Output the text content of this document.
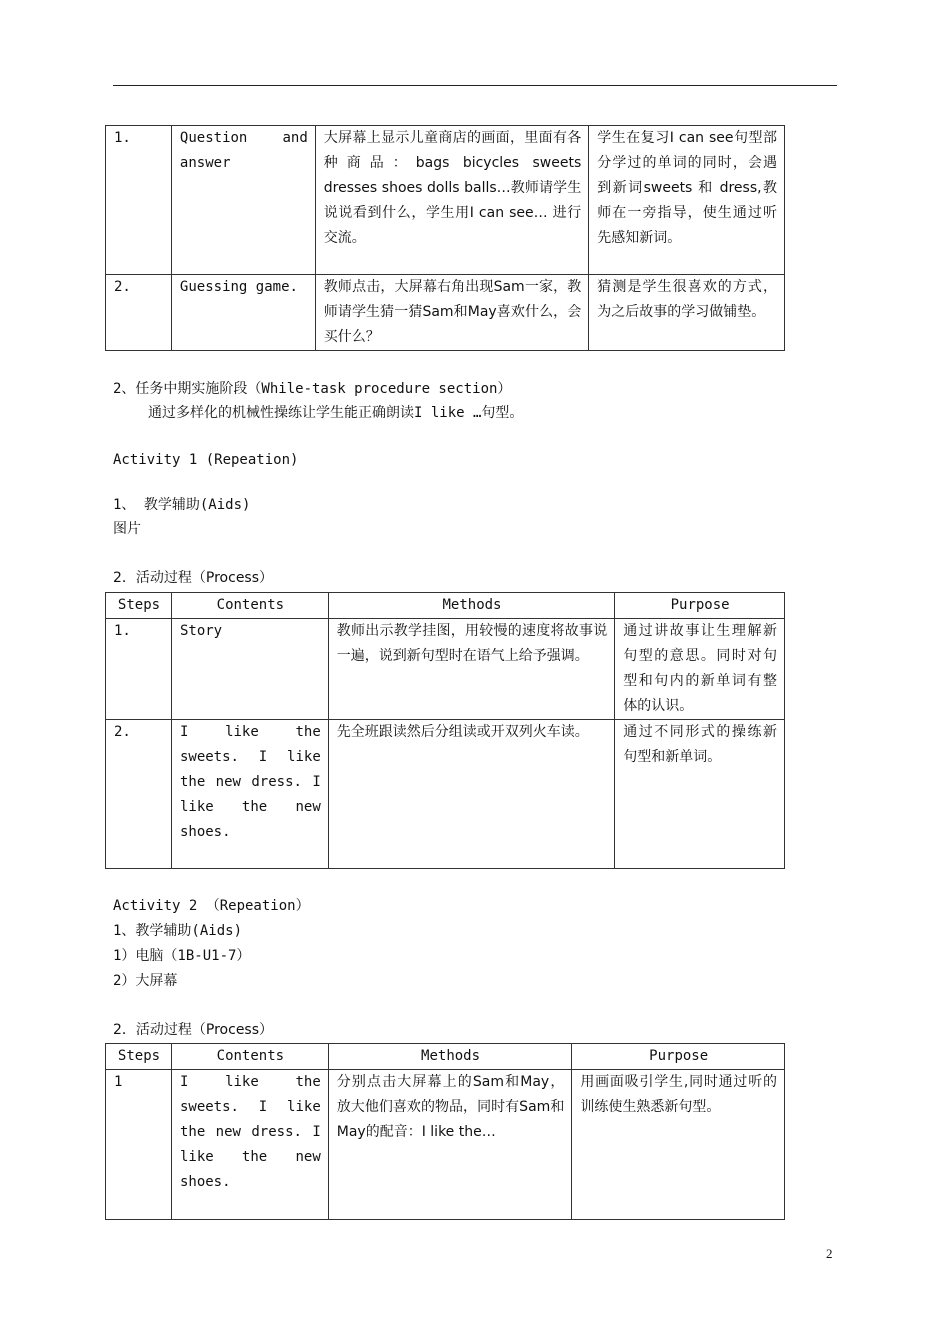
1.	Question and answer	大屏幕上显示儿童商店的画面，里面有各种商品：bags bicycles sweets dresses shoes dolls balls…教师请学生说说看到什么，学生用I can see… 进行交流。	学生在复习I can see句型部分学过的单词的同时，会遇到新词sweets 和 dress,教师在一旁指导，使生通过听先感知新词。
2.	Guessing game.	教师点击，大屏幕右角出现Sam一家，教师请学生猜一猜Sam和May喜欢什么，会买什么？	猜测是学生很喜欢的方式，为之后故事的学习做铺垫。
2、任务中期实施阶段（While-task procedure section）
通过多样化的机械性操练让学生能正确朗读I like …句型。
Activity 1 (Repeation)
1、 教学辅助(Aids)
图片
2．活动过程（Process）
Steps	Contents	Methods	Purpose
1.	Story	教师出示教学挂图，用较慢的速度将故事说一遍，说到新句型时在语气上给予强调。	通过讲故事让生理解新句型的意思。同时对句型和句内的新单词有整体的认识。
2.	I like the sweets. I like the new dress. I like the new shoes.	先全班跟读然后分组读或开双列火车读。	通过不同形式的操练新句型和新单词。
Activity 2 （Repeation）
1、教学辅助(Aids)
1）电脑（1B-U1-7）
2）大屏幕
2．活动过程（Process）
Steps	Contents	Methods	Purpose
1	I like the sweets. I like the new dress. I like the new shoes.	分别点击大屏幕上的Sam和May，放大他们喜欢的物品，同时有Sam和May的配音：I like the…	用画面吸引学生,同时通过听的训练使生熟悉新句型。
2
